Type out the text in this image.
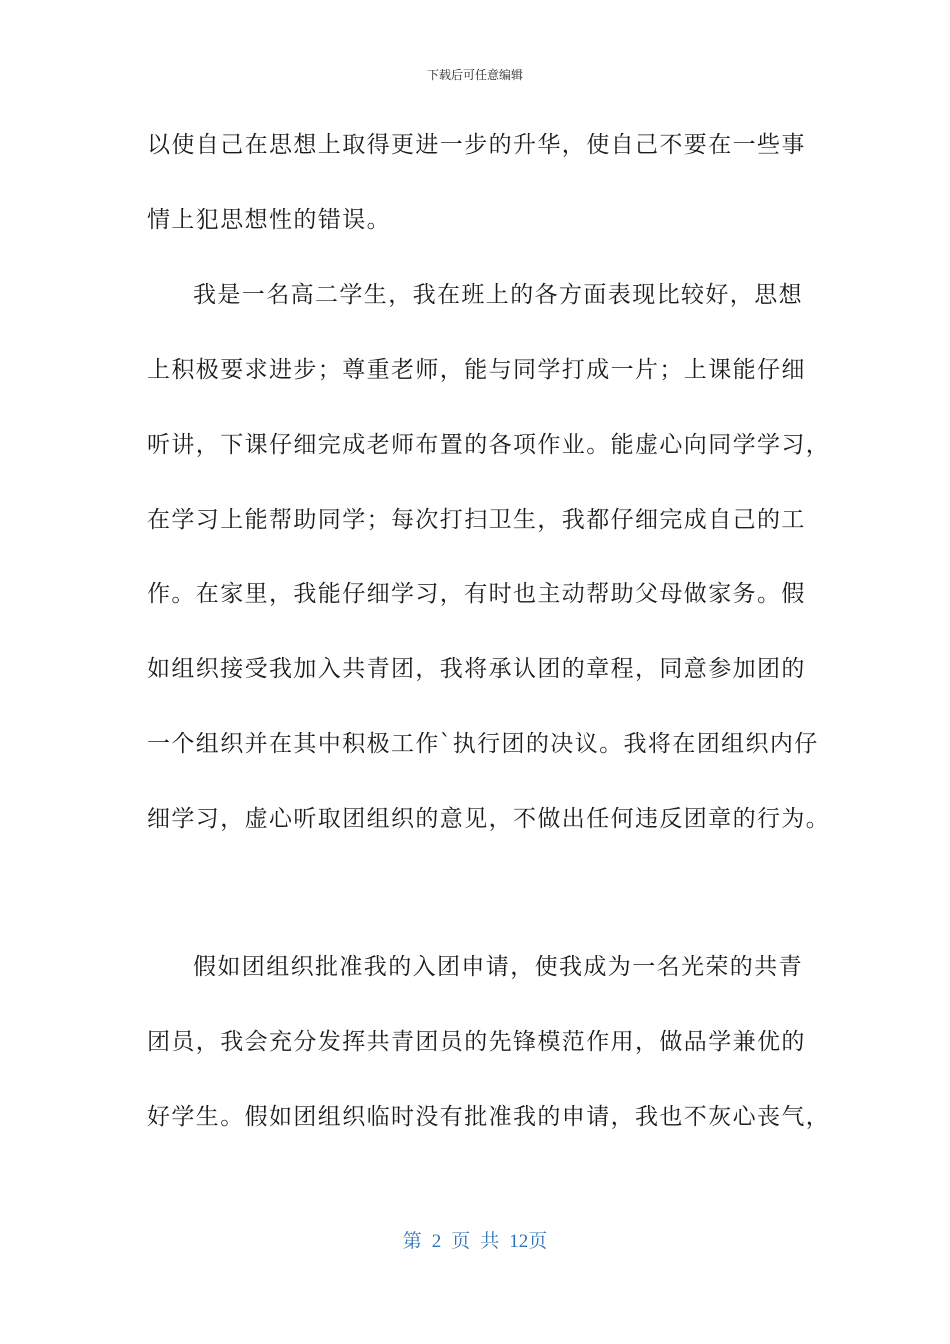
下载后可任意编辑
以使自己在思想上取得更进一步的升华，使自己不要在一些事
情上犯思想性的错误。
我是一名高二学生，我在班上的各方面表现比较好，思想
上积极要求进步；尊重老师，能与同学打成一片；上课能仔细
听讲，下课仔细完成老师布置的各项作业。能虚心向同学学习，
在学习上能帮助同学；每次打扫卫生，我都仔细完成自己的工
作。在家里，我能仔细学习，有时也主动帮助父母做家务。假
如组织接受我加入共青团，我将承认团的章程，同意参加团的
一个组织并在其中积极工作`执行团的决议。我将在团组织内仔
细学习，虚心听取团组织的意见，不做出任何违反团章的行为。
假如团组织批准我的入团申请，使我成为一名光荣的共青
团员，我会充分发挥共青团员的先锋模范作用，做品学兼优的
好学生。假如团组织临时没有批准我的申请，我也不灰心丧气，
第 2 页 共 12页
